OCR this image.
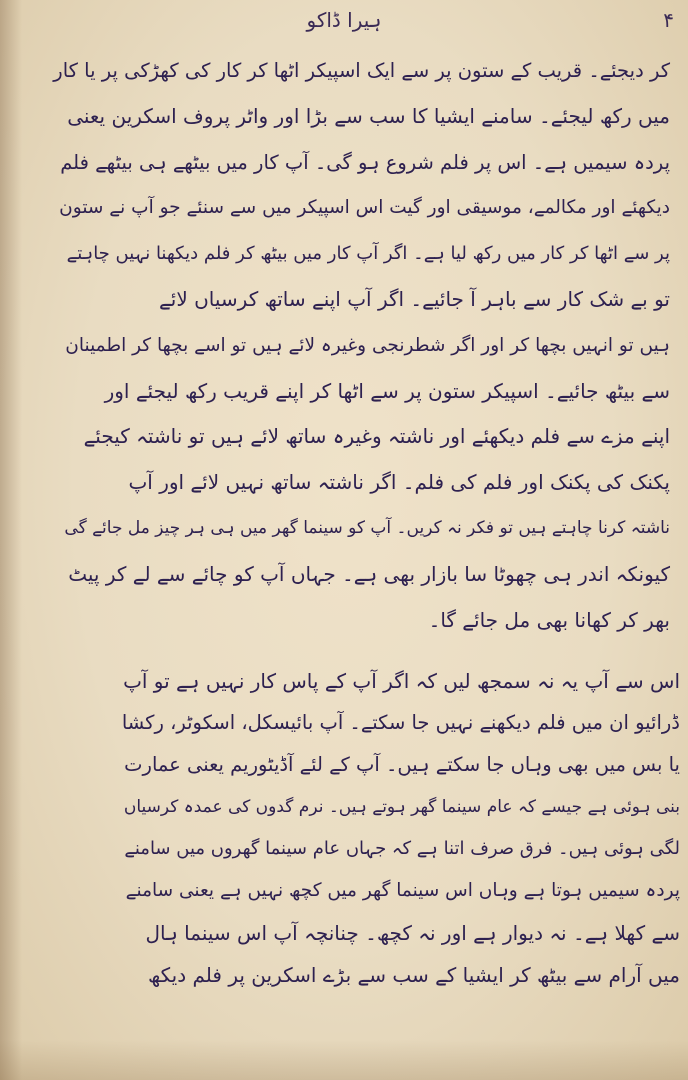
ہیرا ڈاکو	۴
کر دیجئے۔ قریب کے ستون پر سے ایک اسپیکر اٹھا کر کار کی کھڑکی پر یا کار
میں رکھ لیجئے۔ سامنے ایشیا کا سب سے بڑا اور واٹر پروف اسکرین یعنی
پردہ سیمیں ہے۔ اس پر فلم شروع ہو گی۔ آپ کار میں بیٹھے ہی بیٹھے فلم
دیکھئے اور مکالمے، موسیقی اور گیت اس اسپیکر میں سے سنئے جو آپ نے ستون
پر سے اٹھا کر کار میں رکھ لیا ہے۔ اگر آپ کار میں بیٹھ کر فلم دیکھنا نہیں چاہتے
تو بے شک کار سے باہر آ جائیے۔ اگر آپ اپنے ساتھ کرسیاں لائے
ہیں تو انہیں بچھا کر اور اگر شطرنجی وغیرہ لائے ہیں تو اسے بچھا کر اطمینان
سے بیٹھ جائیے۔ اسپیکر ستون پر سے اٹھا کر اپنے قریب رکھ لیجئے اور
اپنے مزے سے فلم دیکھئے اور ناشتہ وغیرہ ساتھ لائے ہیں تو ناشتہ کیجئے
پکنک کی پکنک اور فلم کی فلم۔ اگر ناشتہ ساتھ نہیں لائے اور آپ
ناشتہ کرنا چاہتے ہیں تو فکر نہ کریں۔ آپ کو سینما گھر میں ہی ہر چیز مل جائے گی
کیونکہ اندر ہی چھوٹا سا بازار بھی ہے۔ جہاں آپ کو چائے سے لے کر پیٹ
بھر کر کھانا بھی مل جائے گا۔
اس سے آپ یہ نہ سمجھ لیں کہ اگر آپ کے پاس کار نہیں ہے تو آپ
ڈرائیو ان میں فلم دیکھنے نہیں جا سکتے۔ آپ بائیسکل، اسکوٹر، رکشا
یا بس میں بھی وہاں جا سکتے ہیں۔ آپ کے لئے آڈیٹوریم یعنی عمارت
بنی ہوئی ہے جیسے کہ عام سینما گھر ہوتے ہیں۔ نرم گدوں کی عمدہ کرسیاں
لگی ہوئی ہیں۔ فرق صرف اتنا ہے کہ جہاں عام سینما گھروں میں سامنے
پردہ سیمیں ہوتا ہے وہاں اس سینما گھر میں کچھ نہیں ہے یعنی سامنے
سے کھلا ہے۔ نہ دیوار ہے اور نہ کچھ۔ چنانچہ آپ اس سینما ہال
میں آرام سے بیٹھ کر ایشیا کے سب سے بڑے اسکرین پر فلم دیکھ
